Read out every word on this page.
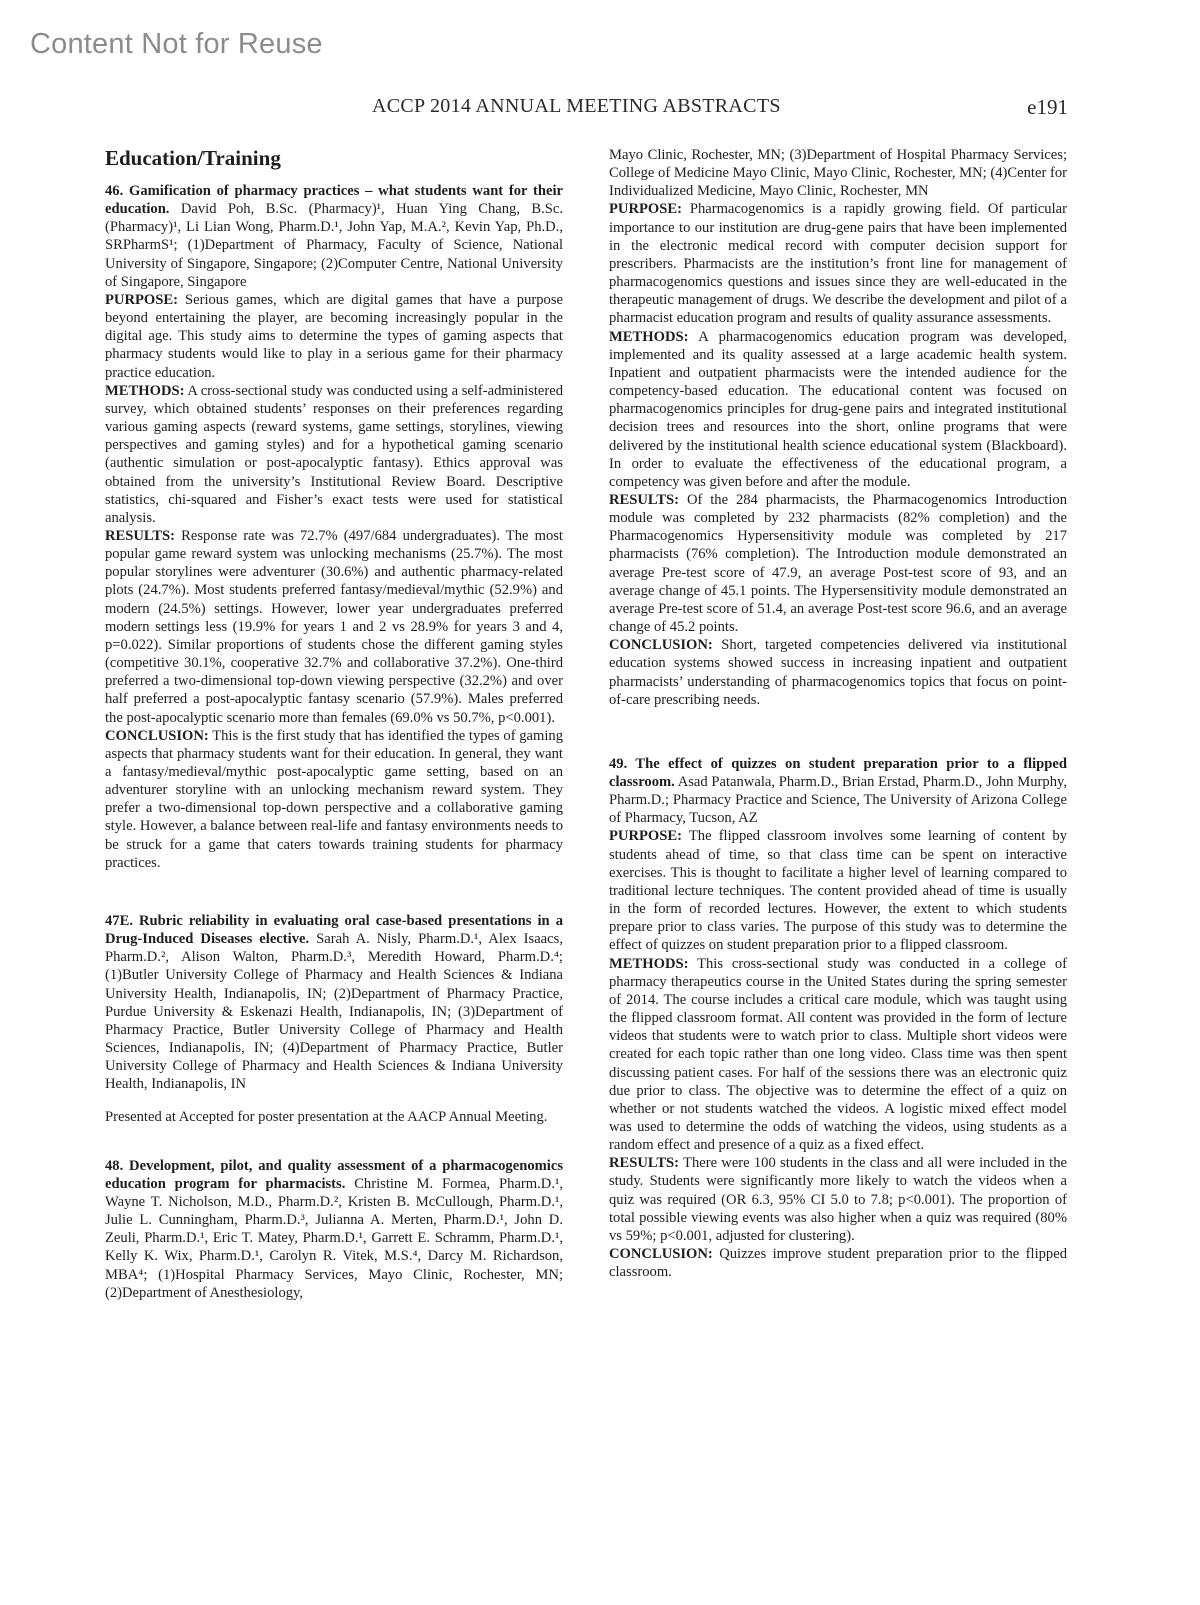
Content Not for Reuse
ACCP 2014 ANNUAL MEETING ABSTRACTS	e191
Education/Training

46. Gamification of pharmacy practices – what students want for their education. David Poh, B.Sc. (Pharmacy)¹, Huan Ying Chang, B.Sc. (Pharmacy)¹, Li Lian Wong, Pharm.D.¹, John Yap, M.A.², Kevin Yap, Ph.D., SRPharmS¹; (1)Department of Pharmacy, Faculty of Science, National University of Singapore, Singapore; (2)Computer Centre, National University of Singapore, Singapore

PURPOSE: Serious games, which are digital games that have a purpose beyond entertaining the player, are becoming increasingly popular in the digital age. This study aims to determine the types of gaming aspects that pharmacy students would like to play in a serious game for their pharmacy practice education.

METHODS: A cross-sectional study was conducted using a self-administered survey, which obtained students’ responses on their preferences regarding various gaming aspects (reward systems, game settings, storylines, viewing perspectives and gaming styles) and for a hypothetical gaming scenario (authentic simulation or post-apocalyptic fantasy). Ethics approval was obtained from the university’s Institutional Review Board. Descriptive statistics, chi-squared and Fisher’s exact tests were used for statistical analysis.

RESULTS: Response rate was 72.7% (497/684 undergraduates). The most popular game reward system was unlocking mechanisms (25.7%). The most popular storylines were adventurer (30.6%) and authentic pharmacy-related plots (24.7%). Most students preferred fantasy/medieval/mythic (52.9%) and modern (24.5%) settings. However, lower year undergraduates preferred modern settings less (19.9% for years 1 and 2 vs 28.9% for years 3 and 4, p=0.022). Similar proportions of students chose the different gaming styles (competitive 30.1%, cooperative 32.7% and collaborative 37.2%). One-third preferred a two-dimensional top-down viewing perspective (32.2%) and over half preferred a post-apocalyptic fantasy scenario (57.9%). Males preferred the post-apocalyptic scenario more than females (69.0% vs 50.7%, p<0.001).

CONCLUSION: This is the first study that has identified the types of gaming aspects that pharmacy students want for their education. In general, they want a fantasy/medieval/mythic post-apocalyptic game setting, based on an adventurer storyline with an unlocking mechanism reward system. They prefer a two-dimensional top-down perspective and a collaborative gaming style. However, a balance between real-life and fantasy environments needs to be struck for a game that caters towards training students for pharmacy practices.

47E. Rubric reliability in evaluating oral case-based presentations in a Drug-Induced Diseases elective. Sarah A. Nisly, Pharm.D.¹, Alex Isaacs, Pharm.D.², Alison Walton, Pharm.D.³, Meredith Howard, Pharm.D.⁴; (1)Butler University College of Pharmacy and Health Sciences & Indiana University Health, Indianapolis, IN; (2)Department of Pharmacy Practice, Purdue University & Eskenazi Health, Indianapolis, IN; (3)Department of Pharmacy Practice, Butler University College of Pharmacy and Health Sciences, Indianapolis, IN; (4)Department of Pharmacy Practice, Butler University College of Pharmacy and Health Sciences & Indiana University Health, Indianapolis, IN

Presented at Accepted for poster presentation at the AACP Annual Meeting.

48. Development, pilot, and quality assessment of a pharmacogenomics education program for pharmacists. Christine M. Formea, Pharm.D.¹, Wayne T. Nicholson, M.D., Pharm.D.², Kristen B. McCullough, Pharm.D.¹, Julie L. Cunningham, Pharm.D.³, Julianna A. Merten, Pharm.D.¹, John D. Zeuli, Pharm.D.¹, Eric T. Matey, Pharm.D.¹, Garrett E. Schramm, Pharm.D.¹, Kelly K. Wix, Pharm.D.¹, Carolyn R. Vitek, M.S.⁴, Darcy M. Richardson, MBA⁴; (1)Hospital Pharmacy Services, Mayo Clinic, Rochester, MN; (2)Department of Anesthesiology,

Mayo Clinic, Rochester, MN; (3)Department of Hospital Pharmacy Services; College of Medicine Mayo Clinic, Mayo Clinic, Rochester, MN; (4)Center for Individualized Medicine, Mayo Clinic, Rochester, MN

PURPOSE: Pharmacogenomics is a rapidly growing field. Of particular importance to our institution are drug-gene pairs that have been implemented in the electronic medical record with computer decision support for prescribers. Pharmacists are the institution’s front line for management of pharmacogenomics questions and issues since they are well-educated in the therapeutic management of drugs. We describe the development and pilot of a pharmacist education program and results of quality assurance assessments.

METHODS: A pharmacogenomics education program was developed, implemented and its quality assessed at a large academic health system. Inpatient and outpatient pharmacists were the intended audience for the competency-based education. The educational content was focused on pharmacogenomics principles for drug-gene pairs and integrated institutional decision trees and resources into the short, online programs that were delivered by the institutional health science educational system (Blackboard). In order to evaluate the effectiveness of the educational program, a competency was given before and after the module.

RESULTS: Of the 284 pharmacists, the Pharmacogenomics Introduction module was completed by 232 pharmacists (82% completion) and the Pharmacogenomics Hypersensitivity module was completed by 217 pharmacists (76% completion). The Introduction module demonstrated an average Pre-test score of 47.9, an average Post-test score of 93, and an average change of 45.1 points. The Hypersensitivity module demonstrated an average Pre-test score of 51.4, an average Post-test score 96.6, and an average change of 45.2 points.

CONCLUSION: Short, targeted competencies delivered via institutional education systems showed success in increasing inpatient and outpatient pharmacists’ understanding of pharmacogenomics topics that focus on point-of-care prescribing needs.

49. The effect of quizzes on student preparation prior to a flipped classroom. Asad Patanwala, Pharm.D., Brian Erstad, Pharm.D., John Murphy, Pharm.D.; Pharmacy Practice and Science, The University of Arizona College of Pharmacy, Tucson, AZ

PURPOSE: The flipped classroom involves some learning of content by students ahead of time, so that class time can be spent on interactive exercises. This is thought to facilitate a higher level of learning compared to traditional lecture techniques. The content provided ahead of time is usually in the form of recorded lectures. However, the extent to which students prepare prior to class varies. The purpose of this study was to determine the effect of quizzes on student preparation prior to a flipped classroom.

METHODS: This cross-sectional study was conducted in a college of pharmacy therapeutics course in the United States during the spring semester of 2014. The course includes a critical care module, which was taught using the flipped classroom format. All content was provided in the form of lecture videos that students were to watch prior to class. Multiple short videos were created for each topic rather than one long video. Class time was then spent discussing patient cases. For half of the sessions there was an electronic quiz due prior to class. The objective was to determine the effect of a quiz on whether or not students watched the videos. A logistic mixed effect model was used to determine the odds of watching the videos, using students as a random effect and presence of a quiz as a fixed effect.

RESULTS: There were 100 students in the class and all were included in the study. Students were significantly more likely to watch the videos when a quiz was required (OR 6.3, 95% CI 5.0 to 7.8; p<0.001). The proportion of total possible viewing events was also higher when a quiz was required (80% vs 59%; p<0.001, adjusted for clustering).

CONCLUSION: Quizzes improve student preparation prior to the flipped classroom.
